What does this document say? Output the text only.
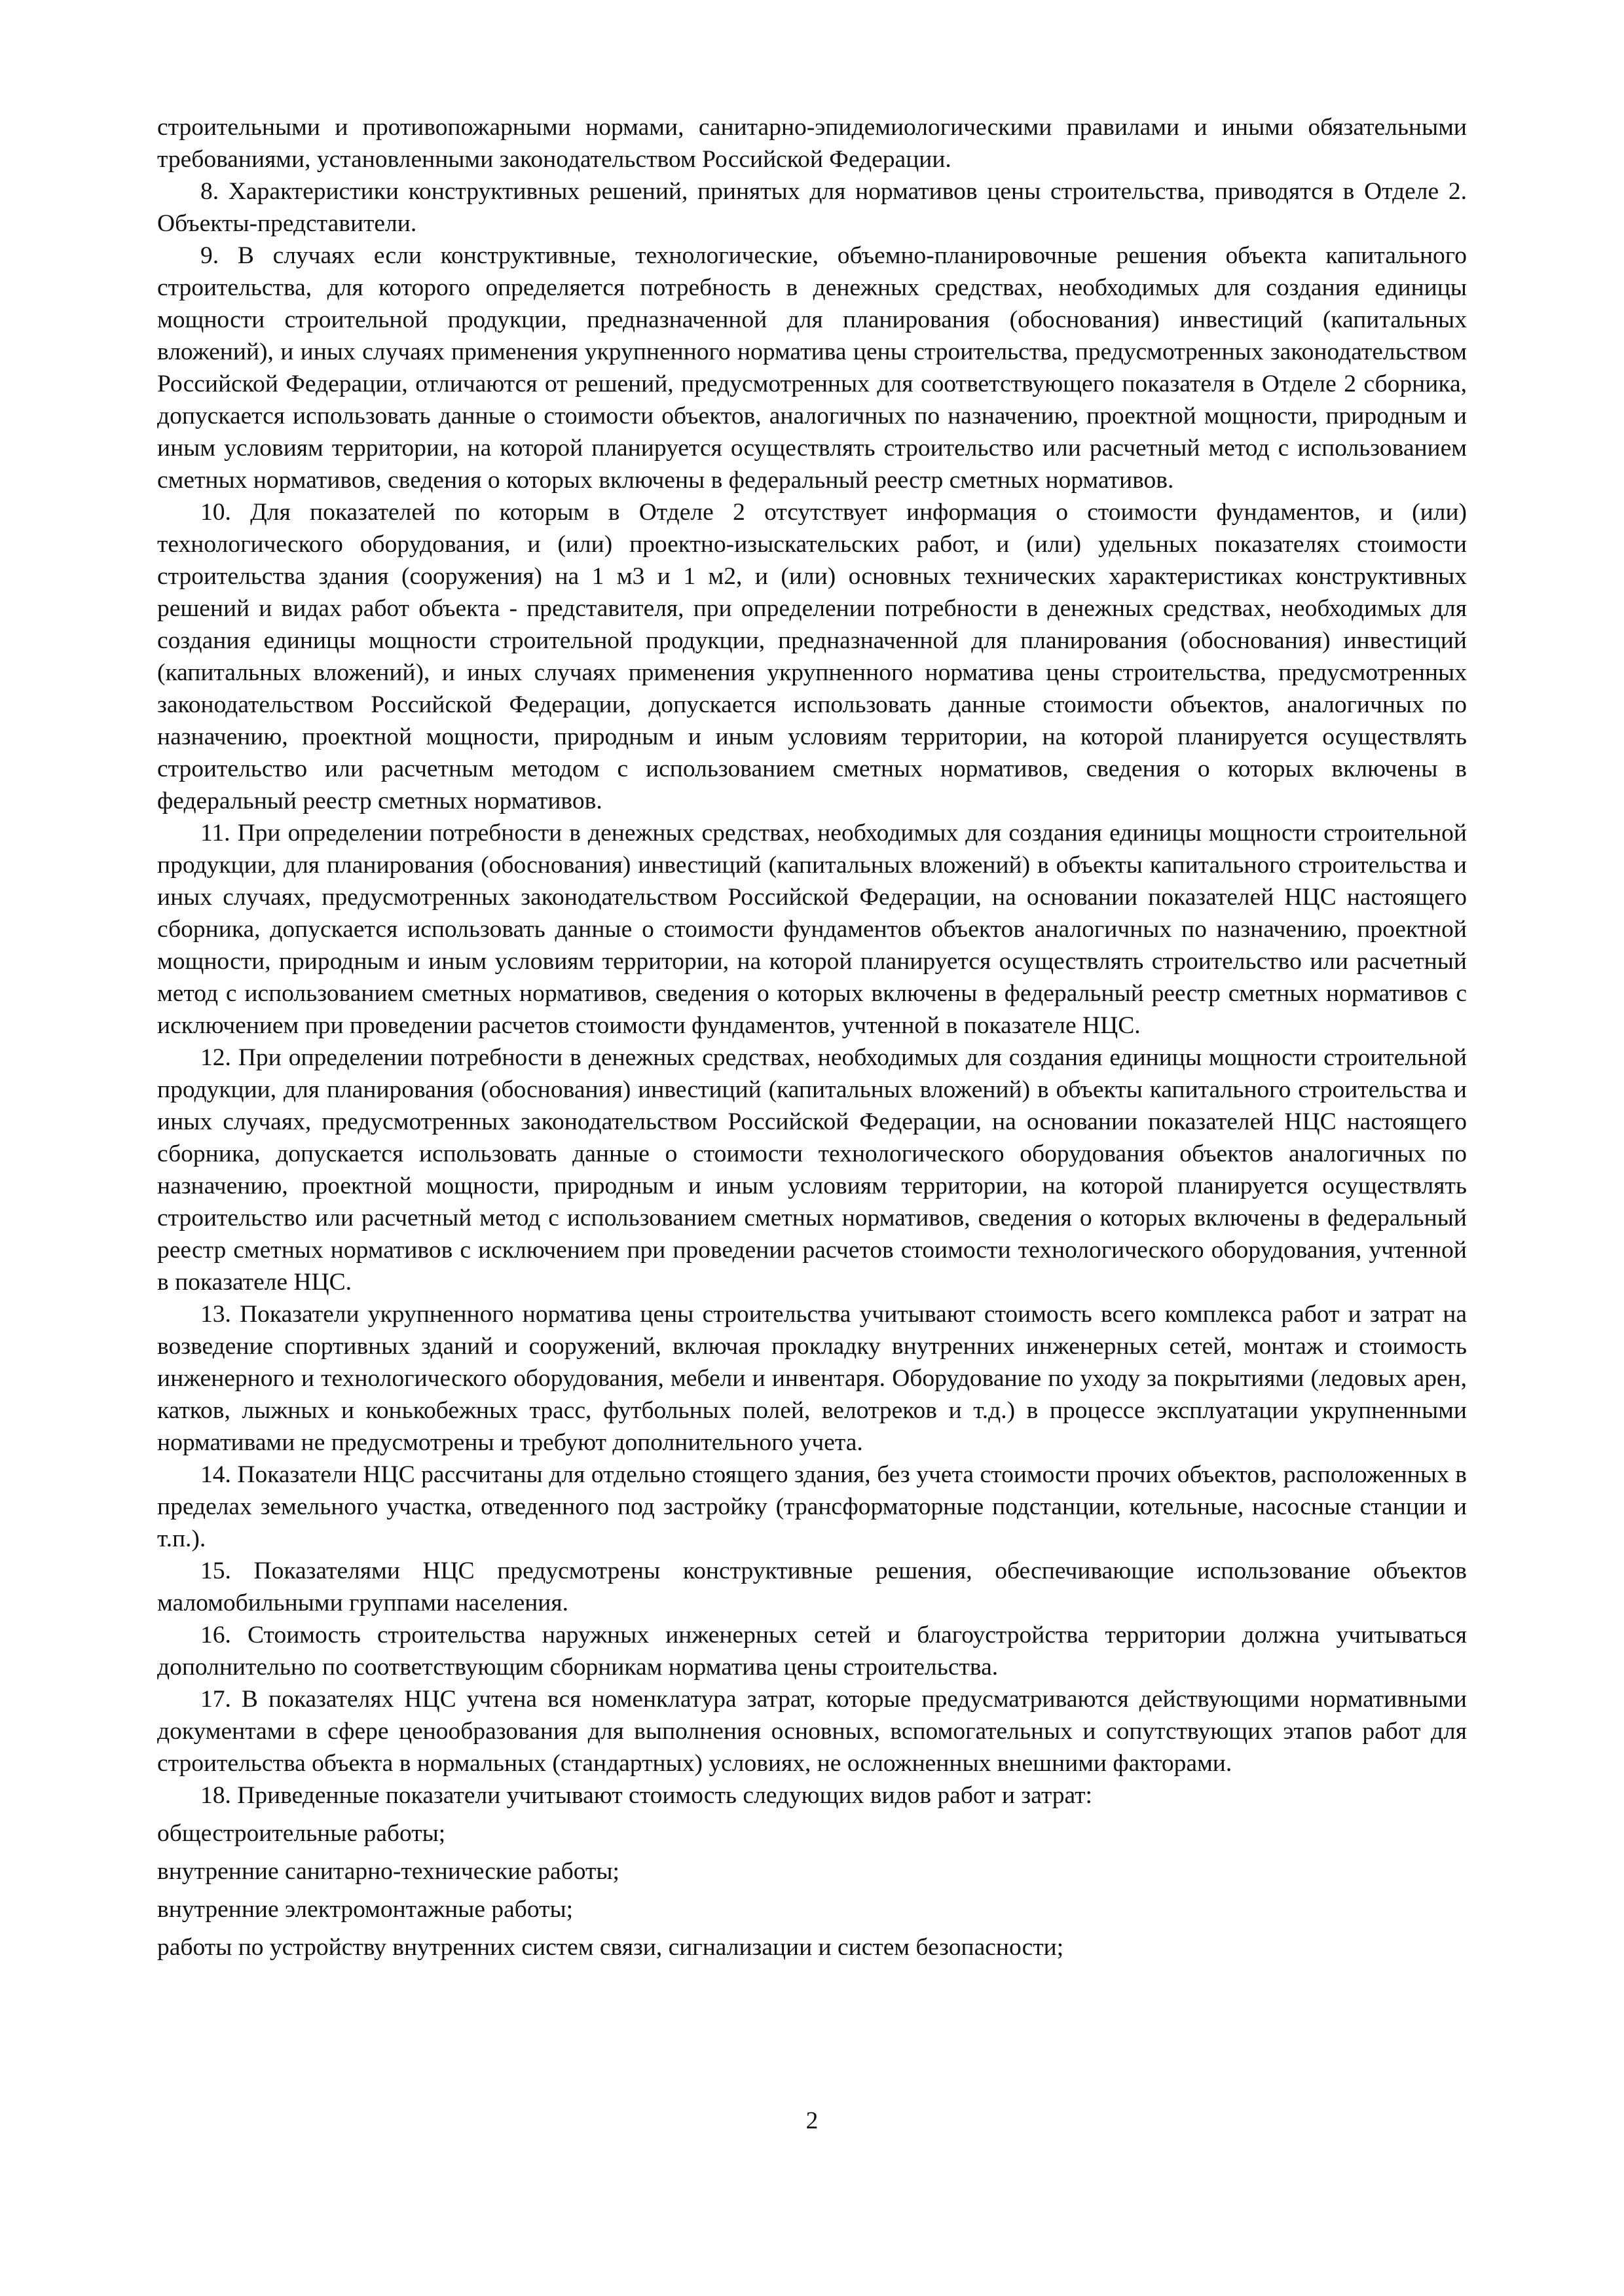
строительными и противопожарными нормами, санитарно-эпидемиологическими правилами и иными обязательными требованиями, установленными законодательством Российской Федерации.

8. Характеристики конструктивных решений, принятых для нормативов цены строительства, приводятся в Отделе 2. Объекты-представители.

9. В случаях если конструктивные, технологические, объемно-планировочные решения объекта капитального строительства, для которого определяется потребность в денежных средствах, необходимых для создания единицы мощности строительной продукции, предназначенной для планирования (обоснования) инвестиций (капитальных вложений), и иных случаях применения укрупненного норматива цены строительства, предусмотренных законодательством Российской Федерации, отличаются от решений, предусмотренных для соответствующего показателя в Отделе 2 сборника, допускается использовать данные о стоимости объектов, аналогичных по назначению, проектной мощности, природным и иным условиям территории, на которой планируется осуществлять строительство или расчетный метод с использованием сметных нормативов, сведения о которых включены в федеральный реестр сметных нормативов.

10. Для показателей по которым в Отделе 2 отсутствует информация о стоимости фундаментов, и (или) технологического оборудования, и (или) проектно-изыскательских работ, и (или) удельных показателях стоимости строительства здания (сооружения) на 1 м3 и 1 м2, и (или) основных технических характеристиках конструктивных решений и видах работ объекта - представителя, при определении потребности в денежных средствах, необходимых для создания единицы мощности строительной продукции, предназначенной для планирования (обоснования) инвестиций (капитальных вложений), и иных случаях применения укрупненного норматива цены строительства, предусмотренных законодательством Российской Федерации, допускается использовать данные стоимости объектов, аналогичных по назначению, проектной мощности, природным и иным условиям территории, на которой планируется осуществлять строительство или расчетным методом с использованием сметных нормативов, сведения о которых включены в федеральный реестр сметных нормативов.

11. При определении потребности в денежных средствах, необходимых для создания единицы мощности строительной продукции, для планирования (обоснования) инвестиций (капитальных вложений) в объекты капитального строительства и иных случаях, предусмотренных законодательством Российской Федерации, на основании показателей НЦС настоящего сборника, допускается использовать данные о стоимости фундаментов объектов аналогичных по назначению, проектной мощности, природным и иным условиям территории, на которой планируется осуществлять строительство или расчетный метод с использованием сметных нормативов, сведения о которых включены в федеральный реестр сметных нормативов с исключением при проведении расчетов стоимости фундаментов, учтенной в показателе НЦС.

12. При определении потребности в денежных средствах, необходимых для создания единицы мощности строительной продукции, для планирования (обоснования) инвестиций (капитальных вложений) в объекты капитального строительства и иных случаях, предусмотренных законодательством Российской Федерации, на основании показателей НЦС настоящего сборника, допускается использовать данные о стоимости технологического оборудования объектов аналогичных по назначению, проектной мощности, природным и иным условиям территории, на которой планируется осуществлять строительство или расчетный метод с использованием сметных нормативов, сведения о которых включены в федеральный реестр сметных нормативов с исключением при проведении расчетов стоимости технологического оборудования, учтенной в показателе НЦС.

13. Показатели укрупненного норматива цены строительства учитывают стоимость всего комплекса работ и затрат на возведение спортивных зданий и сооружений, включая прокладку внутренних инженерных сетей, монтаж и стоимость инженерного и технологического оборудования, мебели и инвентаря. Оборудование по уходу за покрытиями (ледовых арен, катков, лыжных и конькобежных трасс, футбольных полей, велотреков и т.д.) в процессе эксплуатации укрупненными нормативами не предусмотрены и требуют дополнительного учета.

14. Показатели НЦС рассчитаны для отдельно стоящего здания, без учета стоимости прочих объектов, расположенных в пределах земельного участка, отведенного под застройку (трансформаторные подстанции, котельные, насосные станции и т.п.).

15. Показателями НЦС предусмотрены конструктивные решения, обеспечивающие использование объектов маломобильными группами населения.

16. Стоимость строительства наружных инженерных сетей и благоустройства территории должна учитываться дополнительно по соответствующим сборникам норматива цены строительства.

17. В показателях НЦС учтена вся номенклатура затрат, которые предусматриваются действующими нормативными документами в сфере ценообразования для выполнения основных, вспомогательных и сопутствующих этапов работ для строительства объекта в нормальных (стандартных) условиях, не осложненных внешними факторами.

18. Приведенные показатели учитывают стоимость следующих видов работ и затрат:

общестроительные работы;

внутренние санитарно-технические работы;

внутренние электромонтажные работы;

работы по устройству внутренних систем связи, сигнализации и систем безопасности;

2
